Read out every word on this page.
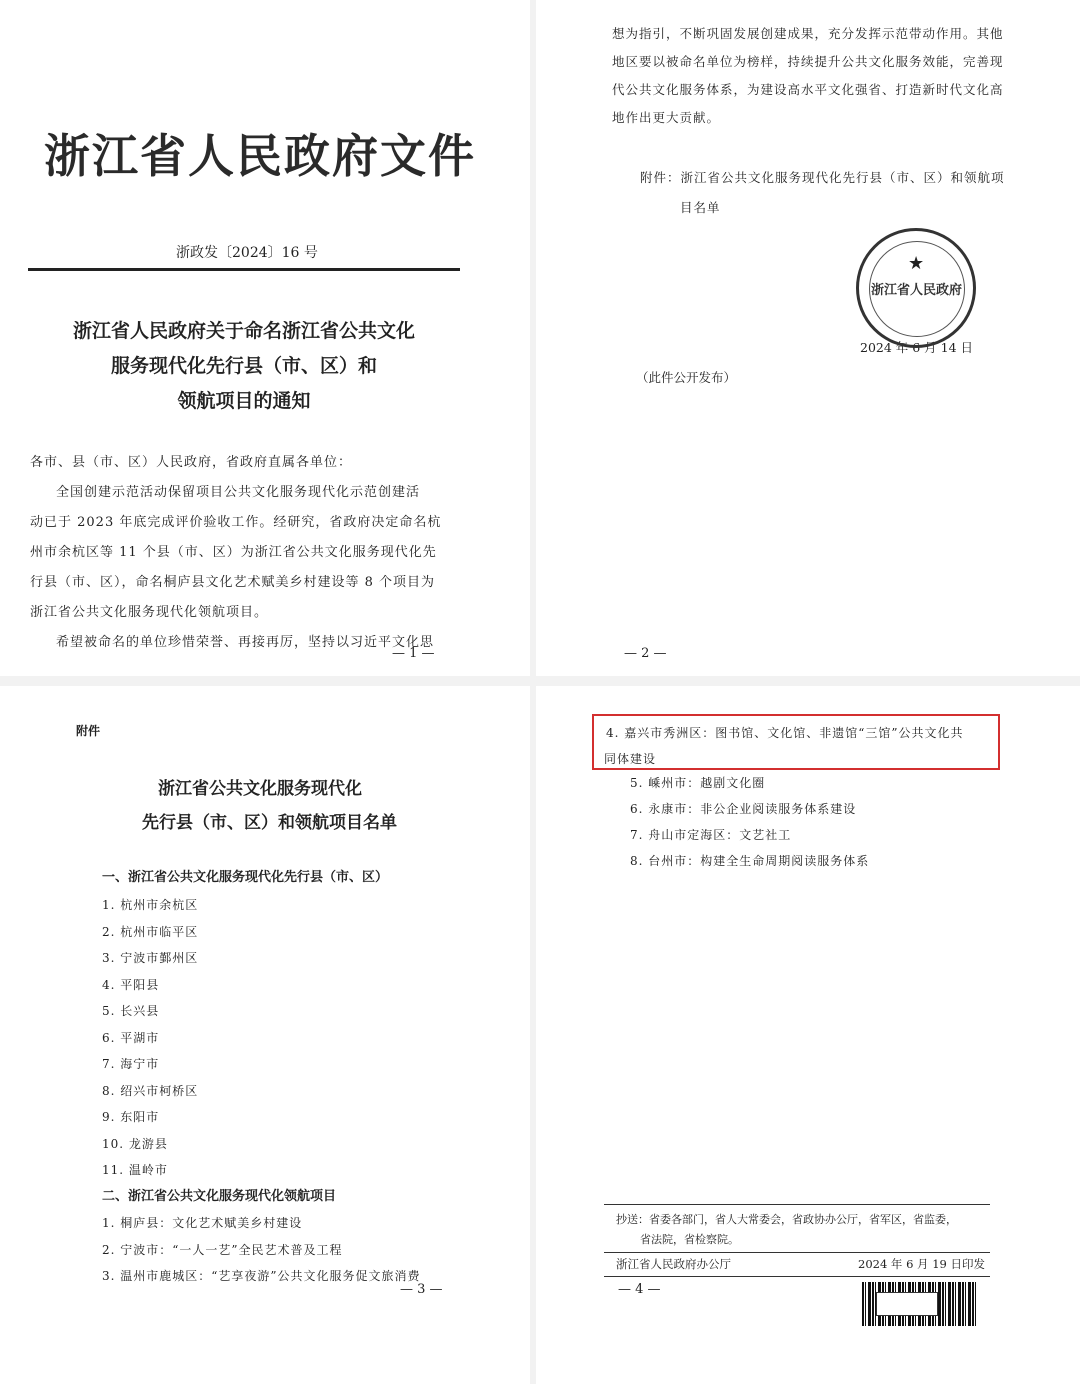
浙江省人民政府文件
浙政发〔2024〕16 号
浙江省人民政府关于命名浙江省公共文化
服务现代化先行县（市、区）和
领航项目的通知
各市、县（市、区）人民政府，省政府直属各单位：
全国创建示范活动保留项目公共文化服务现代化示范创建活
动已于 2023 年底完成评价验收工作。经研究，省政府决定命名杭
州市余杭区等 11 个县（市、区）为浙江省公共文化服务现代化先
行县（市、区），命名桐庐县文化艺术赋美乡村建设等 8 个项目为
浙江省公共文化服务现代化领航项目。
希望被命名的单位珍惜荣誉、再接再厉，坚持以习近平文化思
— 1 —
想为指引，不断巩固发展创建成果，充分发挥示范带动作用。其他
地区要以被命名单位为榜样，持续提升公共文化服务效能，完善现
代公共文化服务体系，为建设高水平文化强省、打造新时代文化高
地作出更大贡献。
附件：浙江省公共文化服务现代化先行县（市、区）和领航项
目名单
2024 年 6 月 14 日
（此件公开发布）
— 2 —
浙江省人民政府
★
附件
浙江省公共文化服务现代化
先行县（市、区）和领航项目名单
一、浙江省公共文化服务现代化先行县（市、区）
1. 杭州市余杭区
2. 杭州市临平区
3. 宁波市鄞州区
4. 平阳县
5. 长兴县
6. 平湖市
7. 海宁市
8. 绍兴市柯桥区
9. 东阳市
10. 龙游县
11. 温岭市
二、浙江省公共文化服务现代化领航项目
1. 桐庐县：文化艺术赋美乡村建设
2. 宁波市：“一人一艺”全民艺术普及工程
3. 温州市鹿城区：“艺享夜游”公共文化服务促文旅消费
— 3 —
4. 嘉兴市秀洲区：图书馆、文化馆、非遗馆“三馆”公共文化共
同体建设
5. 嵊州市：越剧文化圈
6. 永康市：非公企业阅读服务体系建设
7. 舟山市定海区：文艺社工
8. 台州市：构建全生命周期阅读服务体系
抄送：省委各部门，省人大常委会，省政协办公厅，省军区，省监委，
省法院，省检察院。
浙江省人民政府办公厅	2024 年 6 月 19 日印发
— 4 —
